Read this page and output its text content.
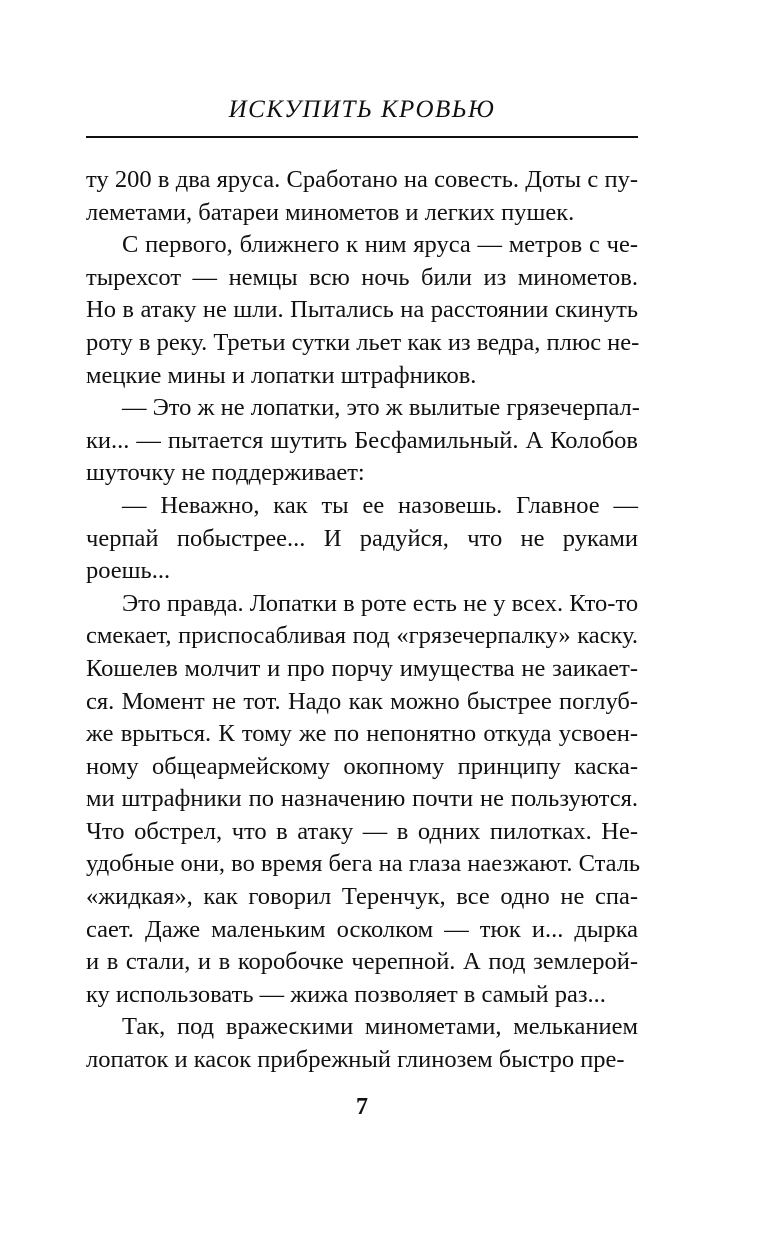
ИСКУПИТЬ КРОВЬЮ
ту 200 в два яруса. Сработано на совесть. Доты с пу-
леметами, батареи минометов и легких пушек.
С первого, ближнего к ним яруса — метров с че-
тырехсот — немцы всю ночь били из минометов.
Но в атаку не шли. Пытались на расстоянии скинуть
роту в реку. Третьи сутки льет как из ведра, плюс не-
мецкие мины и лопатки штрафников.
— Это ж не лопатки, это ж вылитые грязечерпал-
ки... — пытается шутить Бесфамильный. А Колобов
шуточку не поддерживает:
— Неважно, как ты ее назовешь. Главное —
черпай побыстрее... И радуйся, что не руками
роешь...
Это правда. Лопатки в роте есть не у всех. Кто-то
смекает, приспосабливая под «грязечерпалку» каску.
Кошелев молчит и про порчу имущества не заикает-
ся. Момент не тот. Надо как можно быстрее поглуб-
же врыться. К тому же по непонятно откуда усвоен-
ному общеармейскому окопному принципу каска-
ми штрафники по назначению почти не пользуются.
Что обстрел, что в атаку — в одних пилотках. Не-
удобные они, во время бега на глаза наезжают. Сталь
«жидкая», как говорил Теренчук, все одно не спа-
сает. Даже маленьким осколком — тюк и... дырка
и в стали, и в коробочке черепной. А под землерой-
ку использовать — жижа позволяет в самый раз...
Так, под вражескими минометами, мельканием
лопаток и касок прибрежный глинозем быстро пре-
7
